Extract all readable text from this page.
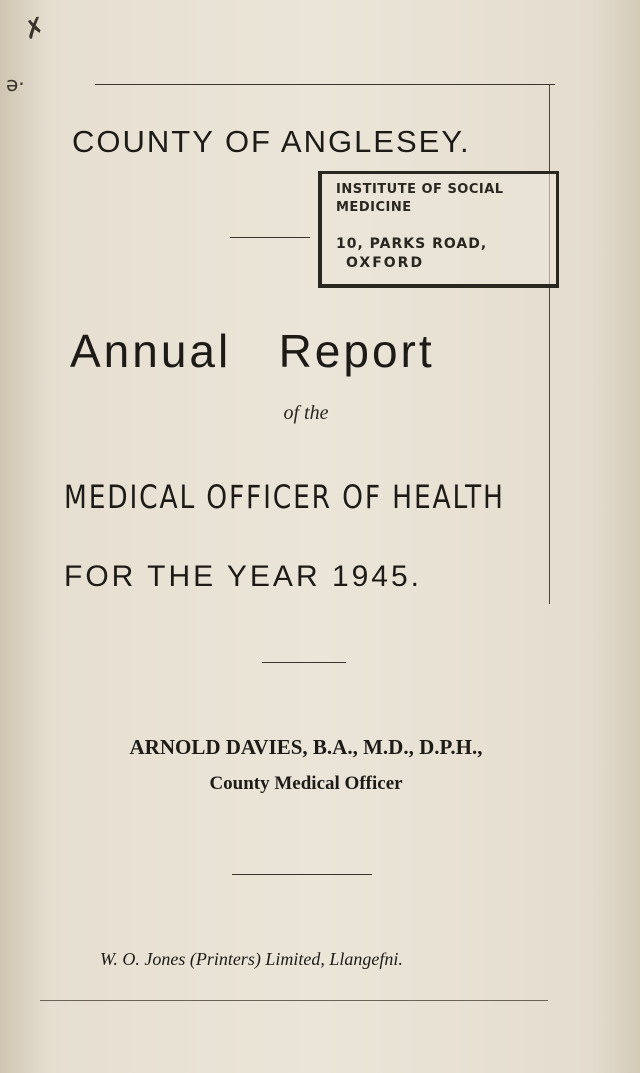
✗
ə·
COUNTY OF ANGLESEY.
INSTITUTE OF SOCIAL
MEDICINE
10, PARKS ROAD,
OXFORD
Annual Report
of the
MEDICAL OFFICER OF HEALTH
FOR THE YEAR 1945.
ARNOLD DAVIES, B.A., M.D., D.P.H.,
County Medical Officer
W. O. Jones (Printers) Limited, Llangefni.
